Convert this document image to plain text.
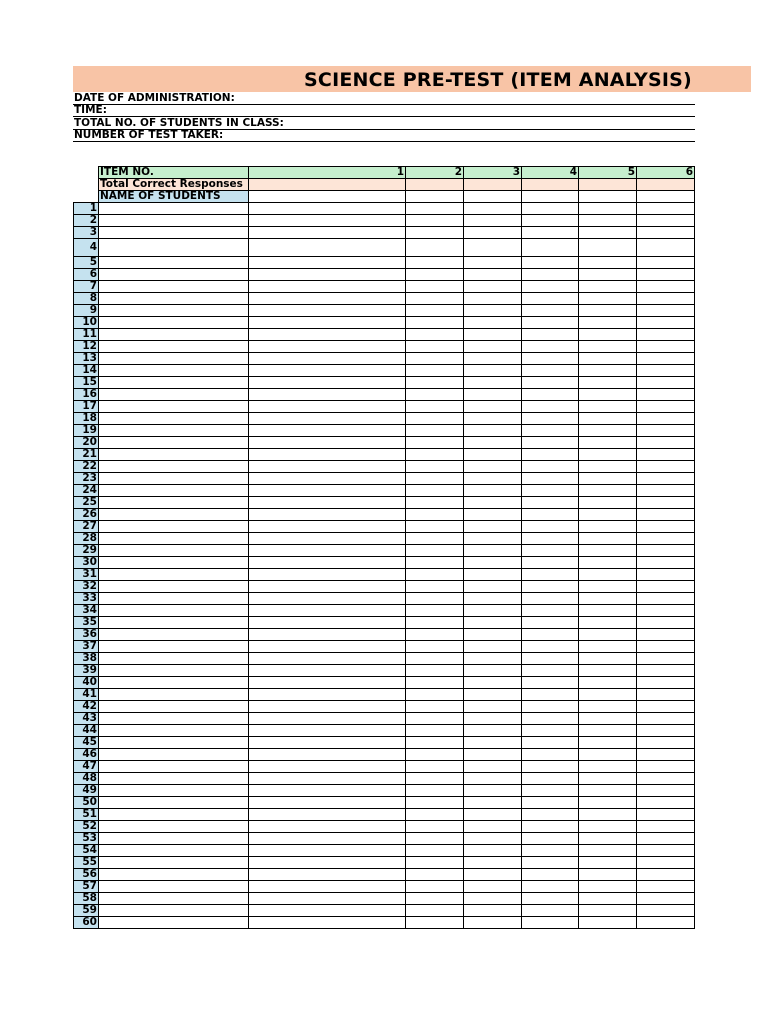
SCIENCE PRE-TEST (ITEM ANALYSIS)
DATE OF ADMINISTRATION:
TIME:
TOTAL NO. OF STUDENTS IN CLASS:
NUMBER OF TEST TAKER:
	ITEM NO.	1	2	3	4	5	6
	Total Correct Responses						
	NAME OF STUDENTS						
1							
2							
3							
4							
5							
6							
7							
8							
9							
10							
11							
12							
13							
14							
15							
16							
17							
18							
19							
20							
21							
22							
23							
24							
25							
26							
27							
28							
29							
30							
31							
32							
33							
34							
35							
36							
37							
38							
39							
40							
41							
42							
43							
44							
45							
46							
47							
48							
49							
50							
51							
52							
53							
54							
55							
56							
57							
58							
59							
60							
